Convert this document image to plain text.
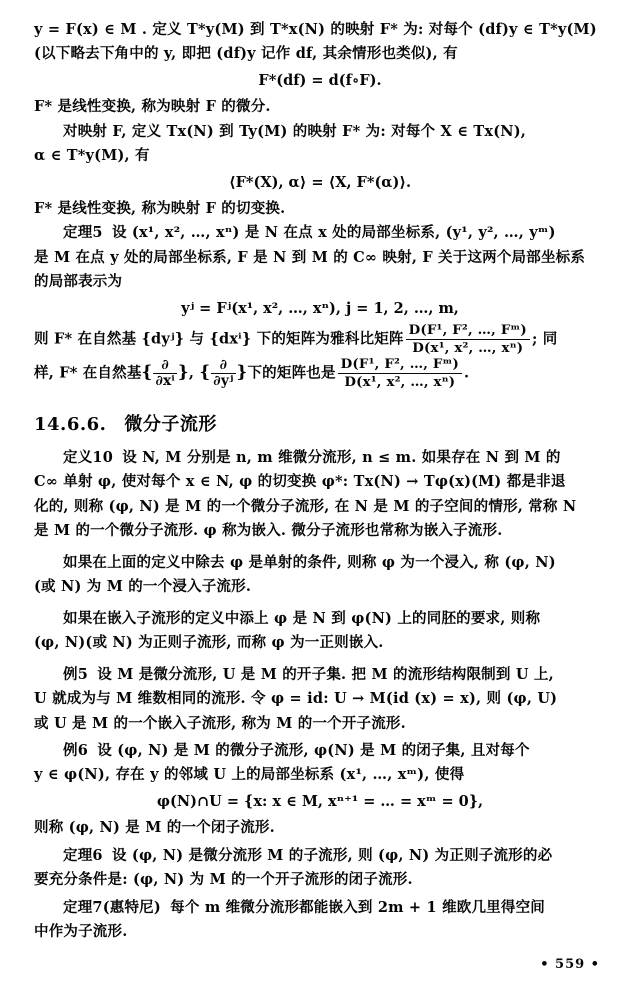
y = F(x) ∈ M . 定义 T*y(M) 到 T*x(N) 的映射 F* 为: 对每个 (df)y ∈ T*y(M)

(以下略去下角中的 y, 即把 (df)y 记作 df, 其余情形也类似), 有

F*(df) = d(f∘F).

F* 是线性变换, 称为映射 F 的微分.

对映射 F, 定义 Tx(N) 到 Ty(M) 的映射 F* 为: 对每个 X ∈ Tx(N),

α ∈ T*y(M), 有

⟨F*(X), α⟩ = ⟨X, F*(α)⟩.

F* 是线性变换, 称为映射 F 的切变换.

定理5 设 (x¹, x², …, xⁿ) 是 N 在点 x 处的局部坐标系, (y¹, y², …, yᵐ)

是 M 在点 y 处的局部坐标系, F 是 N 到 M 的 C∞ 映射, F 关于这两个局部坐标系

的局部表示为

yʲ = Fʲ(x¹, x², …, xⁿ), j = 1, 2, …, m,

则 F* 在自然基 {dyʲ} 与 {dxⁱ} 下的矩阵为雅科比矩阵 $\frac{\text{D(F¹, F², …, Fᵐ)}}{\text{D(x¹, x², …, xⁿ)}}$ ; 同

样, F* 在自然基{ $\frac{\partial}{\text{∂xⁱ}}$ }, { $\frac{\partial}{\text{∂yʲ}}$ }下的矩阵也是 $\frac{\text{D(F¹, F², …, Fᵐ)}}{\text{D(x¹, x², …, xⁿ)}}$ .

14.6.6. 微分子流形

定义10 设 N, M 分别是 n, m 维微分流形, n ≤ m. 如果存在 N 到 M 的

C∞ 单射 φ, 使对每个 x ∈ N, φ 的切变换 φ*: Tx(N) → Tφ(x)(M) 都是非退

化的, 则称 (φ, N) 是 M 的一个微分子流形, 在 N 是 M 的子空间的情形, 常称 N

是 M 的一个微分子流形. φ 称为嵌入. 微分子流形也常称为嵌入子流形.

如果在上面的定义中除去 φ 是单射的条件, 则称 φ 为一个浸入, 称 (φ, N)

(或 N) 为 M 的一个浸入子流形.

如果在嵌入子流形的定义中添上 φ 是 N 到 φ(N) 上的同胚的要求, 则称

(φ, N)(或 N) 为正则子流形, 而称 φ 为一正则嵌入.

例5 设 M 是微分流形, U 是 M 的开子集. 把 M 的流形结构限制到 U 上,

U 就成为与 M 维数相同的流形. 令 φ = id: U → M(id (x) = x), 则 (φ, U)

或 U 是 M 的一个嵌入子流形, 称为 M 的一个开子流形.

例6 设 (φ, N) 是 M 的微分子流形, φ(N) 是 M 的闭子集, 且对每个

y ∈ φ(N), 存在 y 的邻域 U 上的局部坐标系 (x¹, …, xᵐ), 使得

φ(N)∩U = {x: x ∈ M, xⁿ⁺¹ = … = xᵐ = 0},

则称 (φ, N) 是 M 的一个闭子流形.

定理6 设 (φ, N) 是微分流形 M 的子流形, 则 (φ, N) 为正则子流形的必

要充分条件是: (φ, N) 为 M 的一个开子流形的闭子流形.

定理7(惠特尼) 每个 m 维微分流形都能嵌入到 2m + 1 维欧几里得空间

中作为子流形.

• 559 •
